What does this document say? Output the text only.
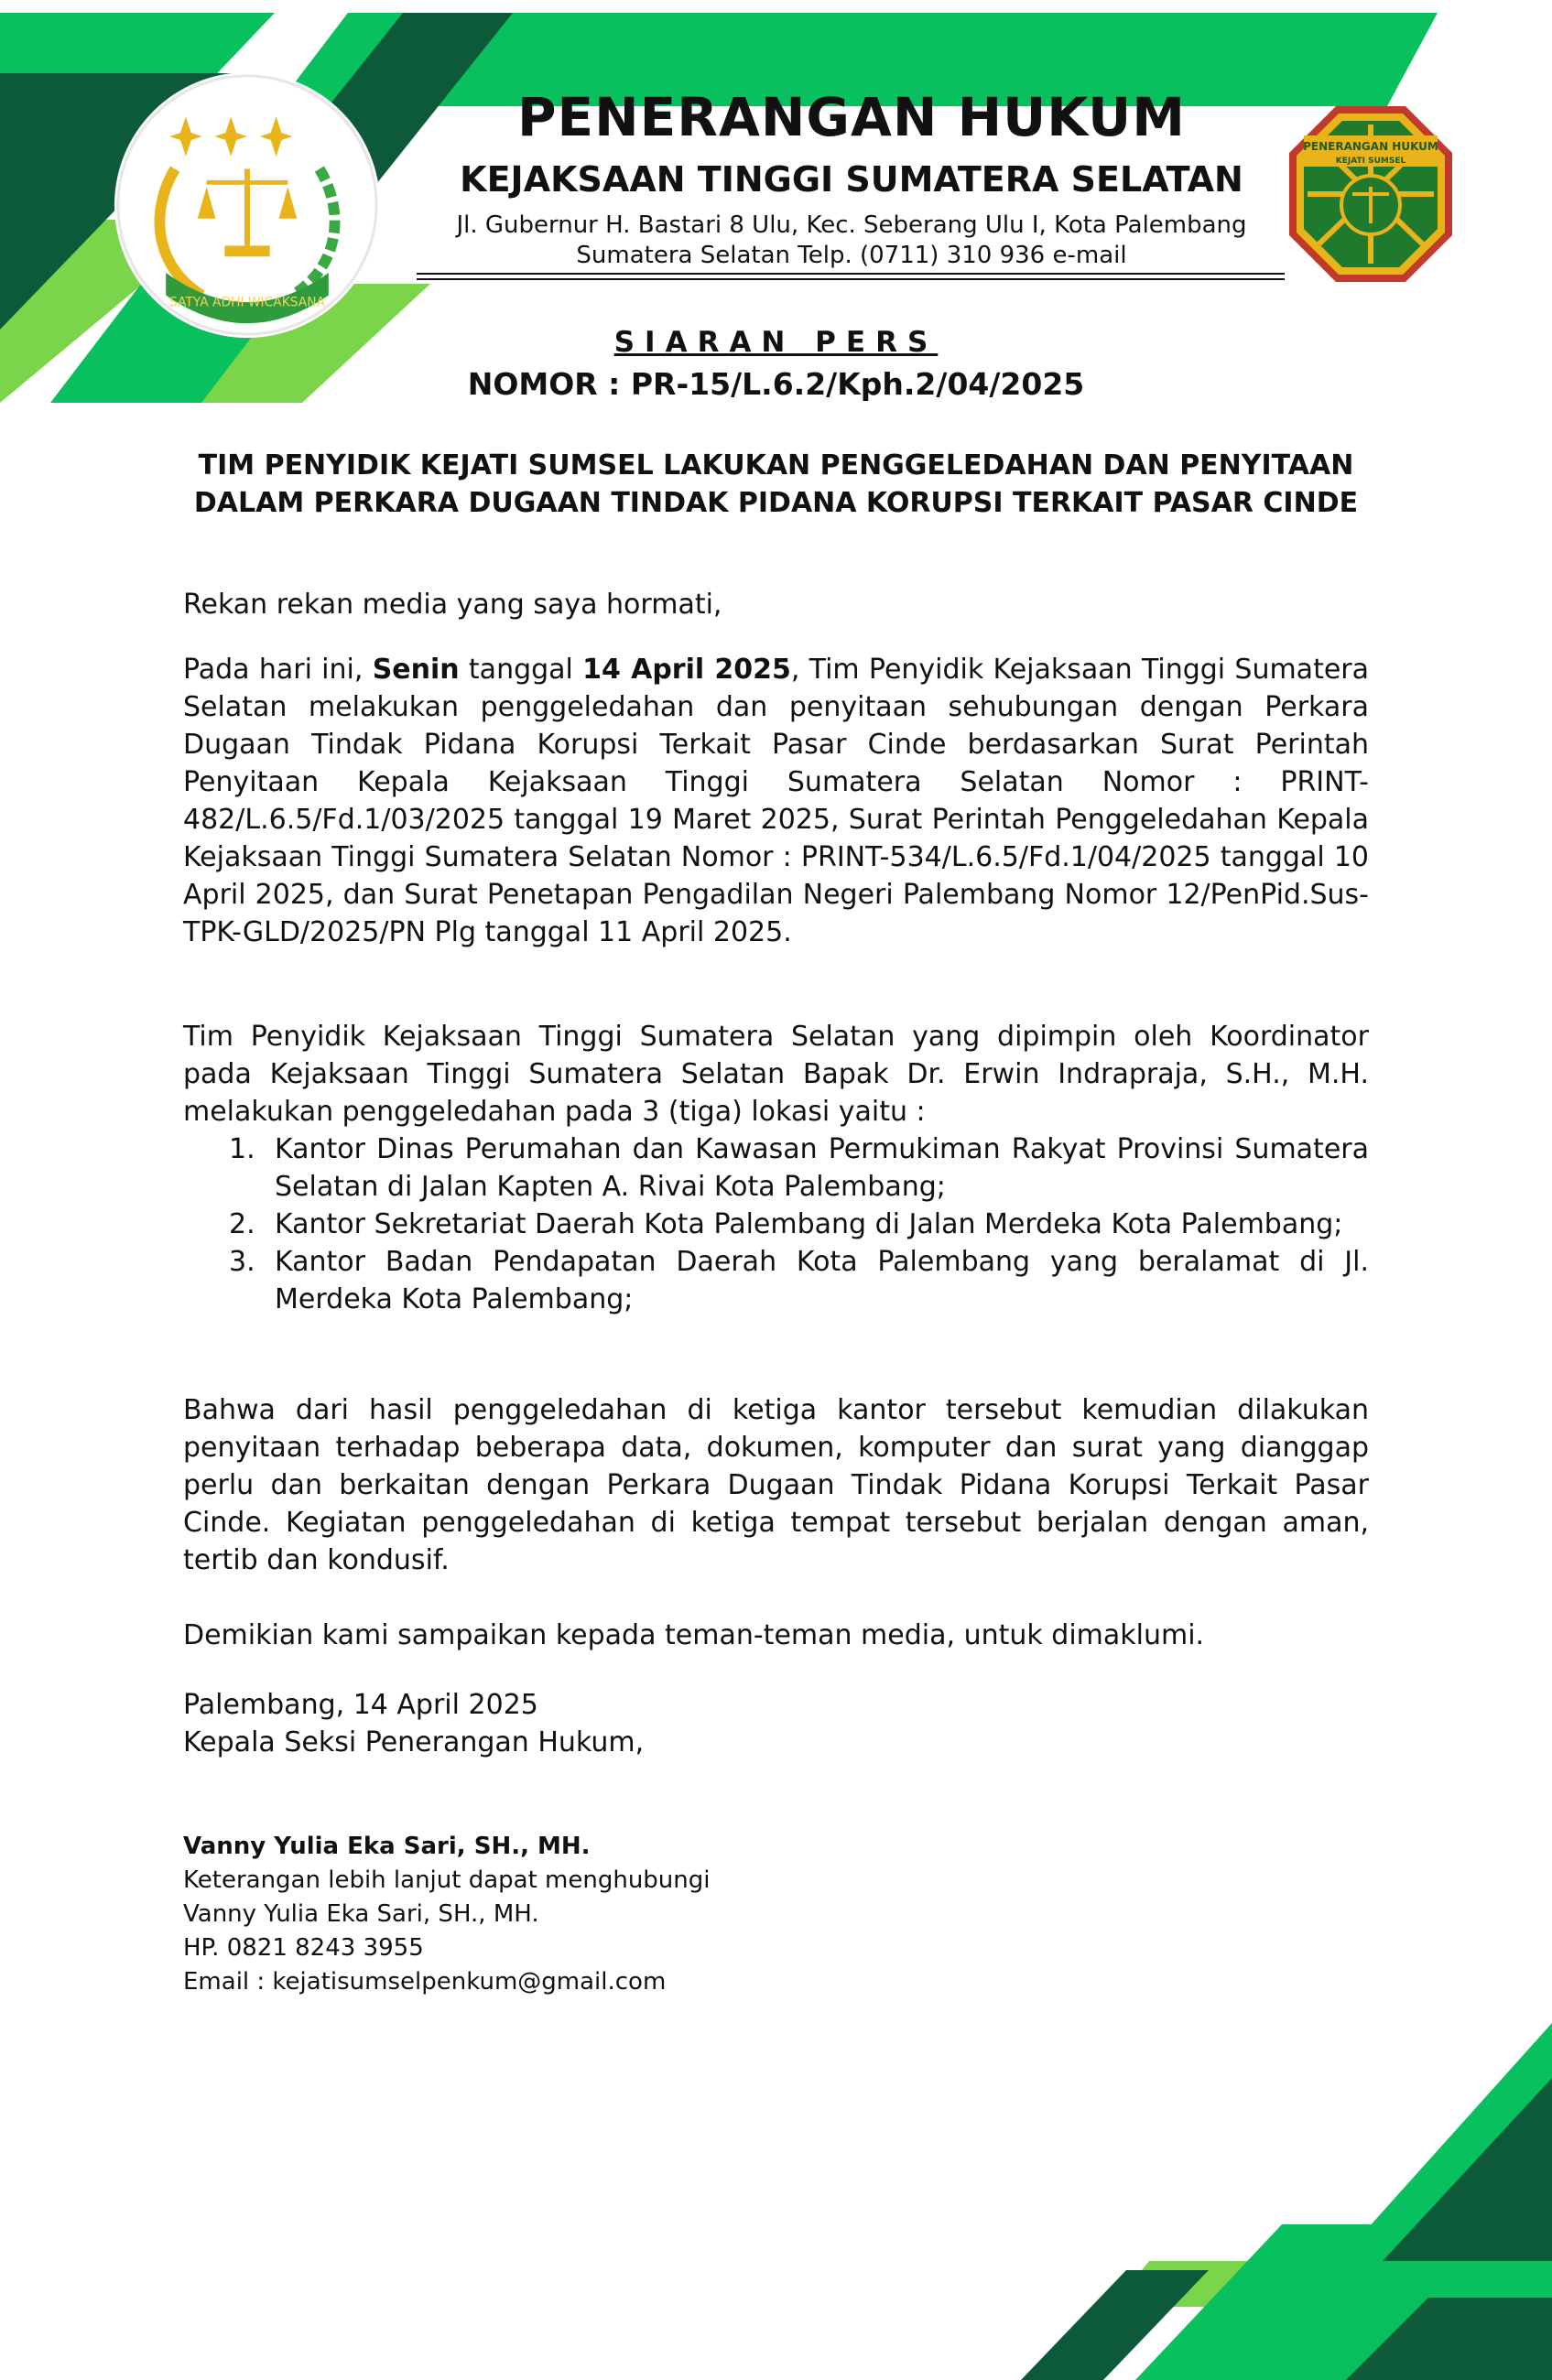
SATYA ADHI WICAKSANA
PENERANGAN HUKUM
KEJATI SUMSEL
PENERANGAN HUKUM
KEJAKSAAN TINGGI SUMATERA SELATAN
Jl. Gubernur H. Bastari 8 Ulu, Kec. Seberang Ulu I, Kota Palembang
Sumatera Selatan Telp. (0711) 310 936 e-mail

SIARAN PERS

NOMOR : PR-15/L.6.2/Kph.2/04/2025

TIM PENYIDIK KEJATI SUMSEL LAKUKAN PENGGELEDAHAN DAN PENYITAAN DALAM PERKARA DUGAAN TINDAK PIDANA KORUPSI TERKAIT PASAR CINDE

Rekan rekan media yang saya hormati,

Pada hari ini, Senin tanggal 14 April 2025, Tim Penyidik Kejaksaan Tinggi Sumatera Selatan melakukan penggeledahan dan penyitaan sehubungan dengan Perkara Dugaan Tindak Pidana Korupsi Terkait Pasar Cinde berdasarkan Surat Perintah Penyitaan Kepala Kejaksaan Tinggi Sumatera Selatan Nomor : PRINT-482/L.6.5/Fd.1/03/2025 tanggal 19 Maret 2025, Surat Perintah Penggeledahan Kepala Kejaksaan Tinggi Sumatera Selatan Nomor : PRINT-534/L.6.5/Fd.1/04/2025 tanggal 10 April 2025, dan Surat Penetapan Pengadilan Negeri Palembang Nomor 12/PenPid.Sus-TPK-GLD/2025/PN Plg tanggal 11 April 2025.

Tim Penyidik Kejaksaan Tinggi Sumatera Selatan yang dipimpin oleh Koordinator pada Kejaksaan Tinggi Sumatera Selatan Bapak Dr. Erwin Indrapraja, S.H., M.H. melakukan penggeledahan pada 3 (tiga) lokasi yaitu :

1. Kantor Dinas Perumahan dan Kawasan Permukiman Rakyat Provinsi Sumatera Selatan di Jalan Kapten A. Rivai Kota Palembang;
2. Kantor Sekretariat Daerah Kota Palembang di Jalan Merdeka Kota Palembang;
3. Kantor Badan Pendapatan Daerah Kota Palembang yang beralamat di Jl. Merdeka Kota Palembang;

Bahwa dari hasil penggeledahan di ketiga kantor tersebut kemudian dilakukan penyitaan terhadap beberapa data, dokumen, komputer dan surat yang dianggap perlu dan berkaitan dengan Perkara Dugaan Tindak Pidana Korupsi Terkait Pasar Cinde. Kegiatan penggeledahan di ketiga tempat tersebut berjalan dengan aman, tertib dan kondusif.

Demikian kami sampaikan kepada teman-teman media, untuk dimaklumi.

Palembang, 14 April 2025
Kepala Seksi Penerangan Hukum,
Vanny Yulia Eka Sari, SH., MH.
Keterangan lebih lanjut dapat menghubungi
Vanny Yulia Eka Sari, SH., MH.
HP. 0821 8243 3955
Email : kejatisumselpenkum@gmail.com
